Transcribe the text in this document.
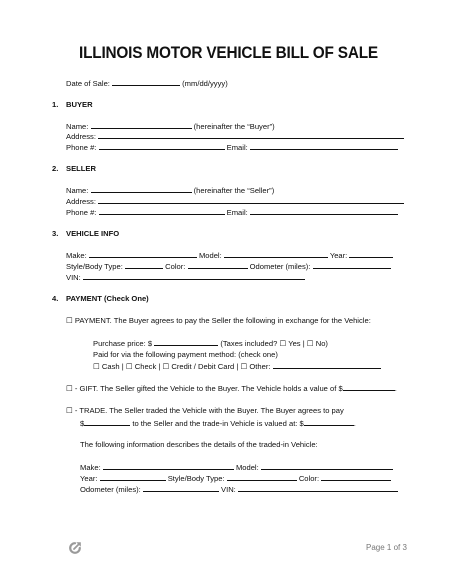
ILLINOIS MOTOR VEHICLE BILL OF SALE
Date of Sale:	(mm/dd/yyyy)
1. BUYER
Name:	(hereinafter the “Buyer”)
Address:
Phone #:	Email:
2. SELLER
Name:	(hereinafter the “Seller”)
Address:
Phone #:	Email:
3. VEHICLE INFO
Make:	Model:	Year:
Style/Body Type:	Color:	Odometer (miles):
VIN:
4. PAYMENT (Check One)
☐ PAYMENT. The Buyer agrees to pay the Seller the following in exchange for the Vehicle:
Purchase price: $	(Taxes included? ☐ Yes | ☐ No)
Paid for via the following payment method: (check one)
☐ Cash | ☐ Check | ☐ Credit / Debit Card | ☐ Other:
☐ - GIFT. The Seller gifted the Vehicle to the Buyer. The Vehicle holds a value of $	.
☐ - TRADE. The Seller traded the Vehicle with the Buyer. The Buyer agrees to pay
$	to the Seller and the trade-in Vehicle is valued at: $	.
The following information describes the details of the traded-in Vehicle:
Make:	Model:
Year:	Style/Body Type:	Color:
Odometer (miles):	VIN:
Page 1 of 3
